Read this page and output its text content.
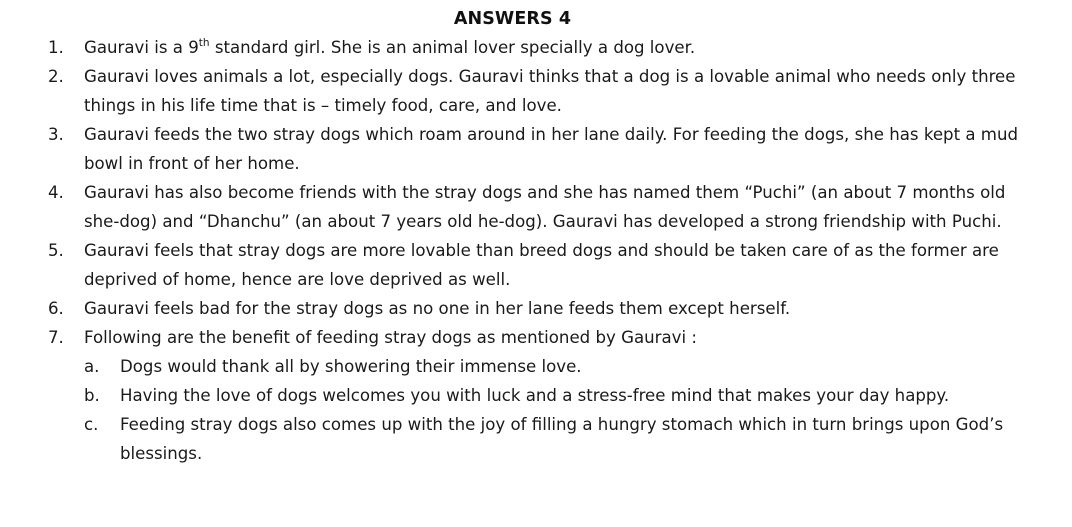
ANSWERS 4
1. Gauravi is a 9th standard girl. She is an animal lover specially a dog lover.
2. Gauravi loves animals a lot, especially dogs. Gauravi thinks that a dog is a lovable animal who needs only three things in his life time that is – timely food, care, and love.
3. Gauravi feeds the two stray dogs which roam around in her lane daily. For feeding the dogs, she has kept a mud bowl in front of her home.
4. Gauravi has also become friends with the stray dogs and she has named them “Puchi” (an about 7 months old she-dog) and “Dhanchu” (an about 7 years old he-dog). Gauravi has developed a strong friendship with Puchi.
5. Gauravi feels that stray dogs are more lovable than breed dogs and should be taken care of as the former are deprived of home, hence are love deprived as well.
6. Gauravi feels bad for the stray dogs as no one in her lane feeds them except herself.
7. Following are the benefit of feeding stray dogs as mentioned by Gauravi :
a. Dogs would thank all by showering their immense love.
b. Having the love of dogs welcomes you with luck and a stress-free mind that makes your day happy.
c. Feeding stray dogs also comes up with the joy of filling a hungry stomach which in turn brings upon God’s blessings.
